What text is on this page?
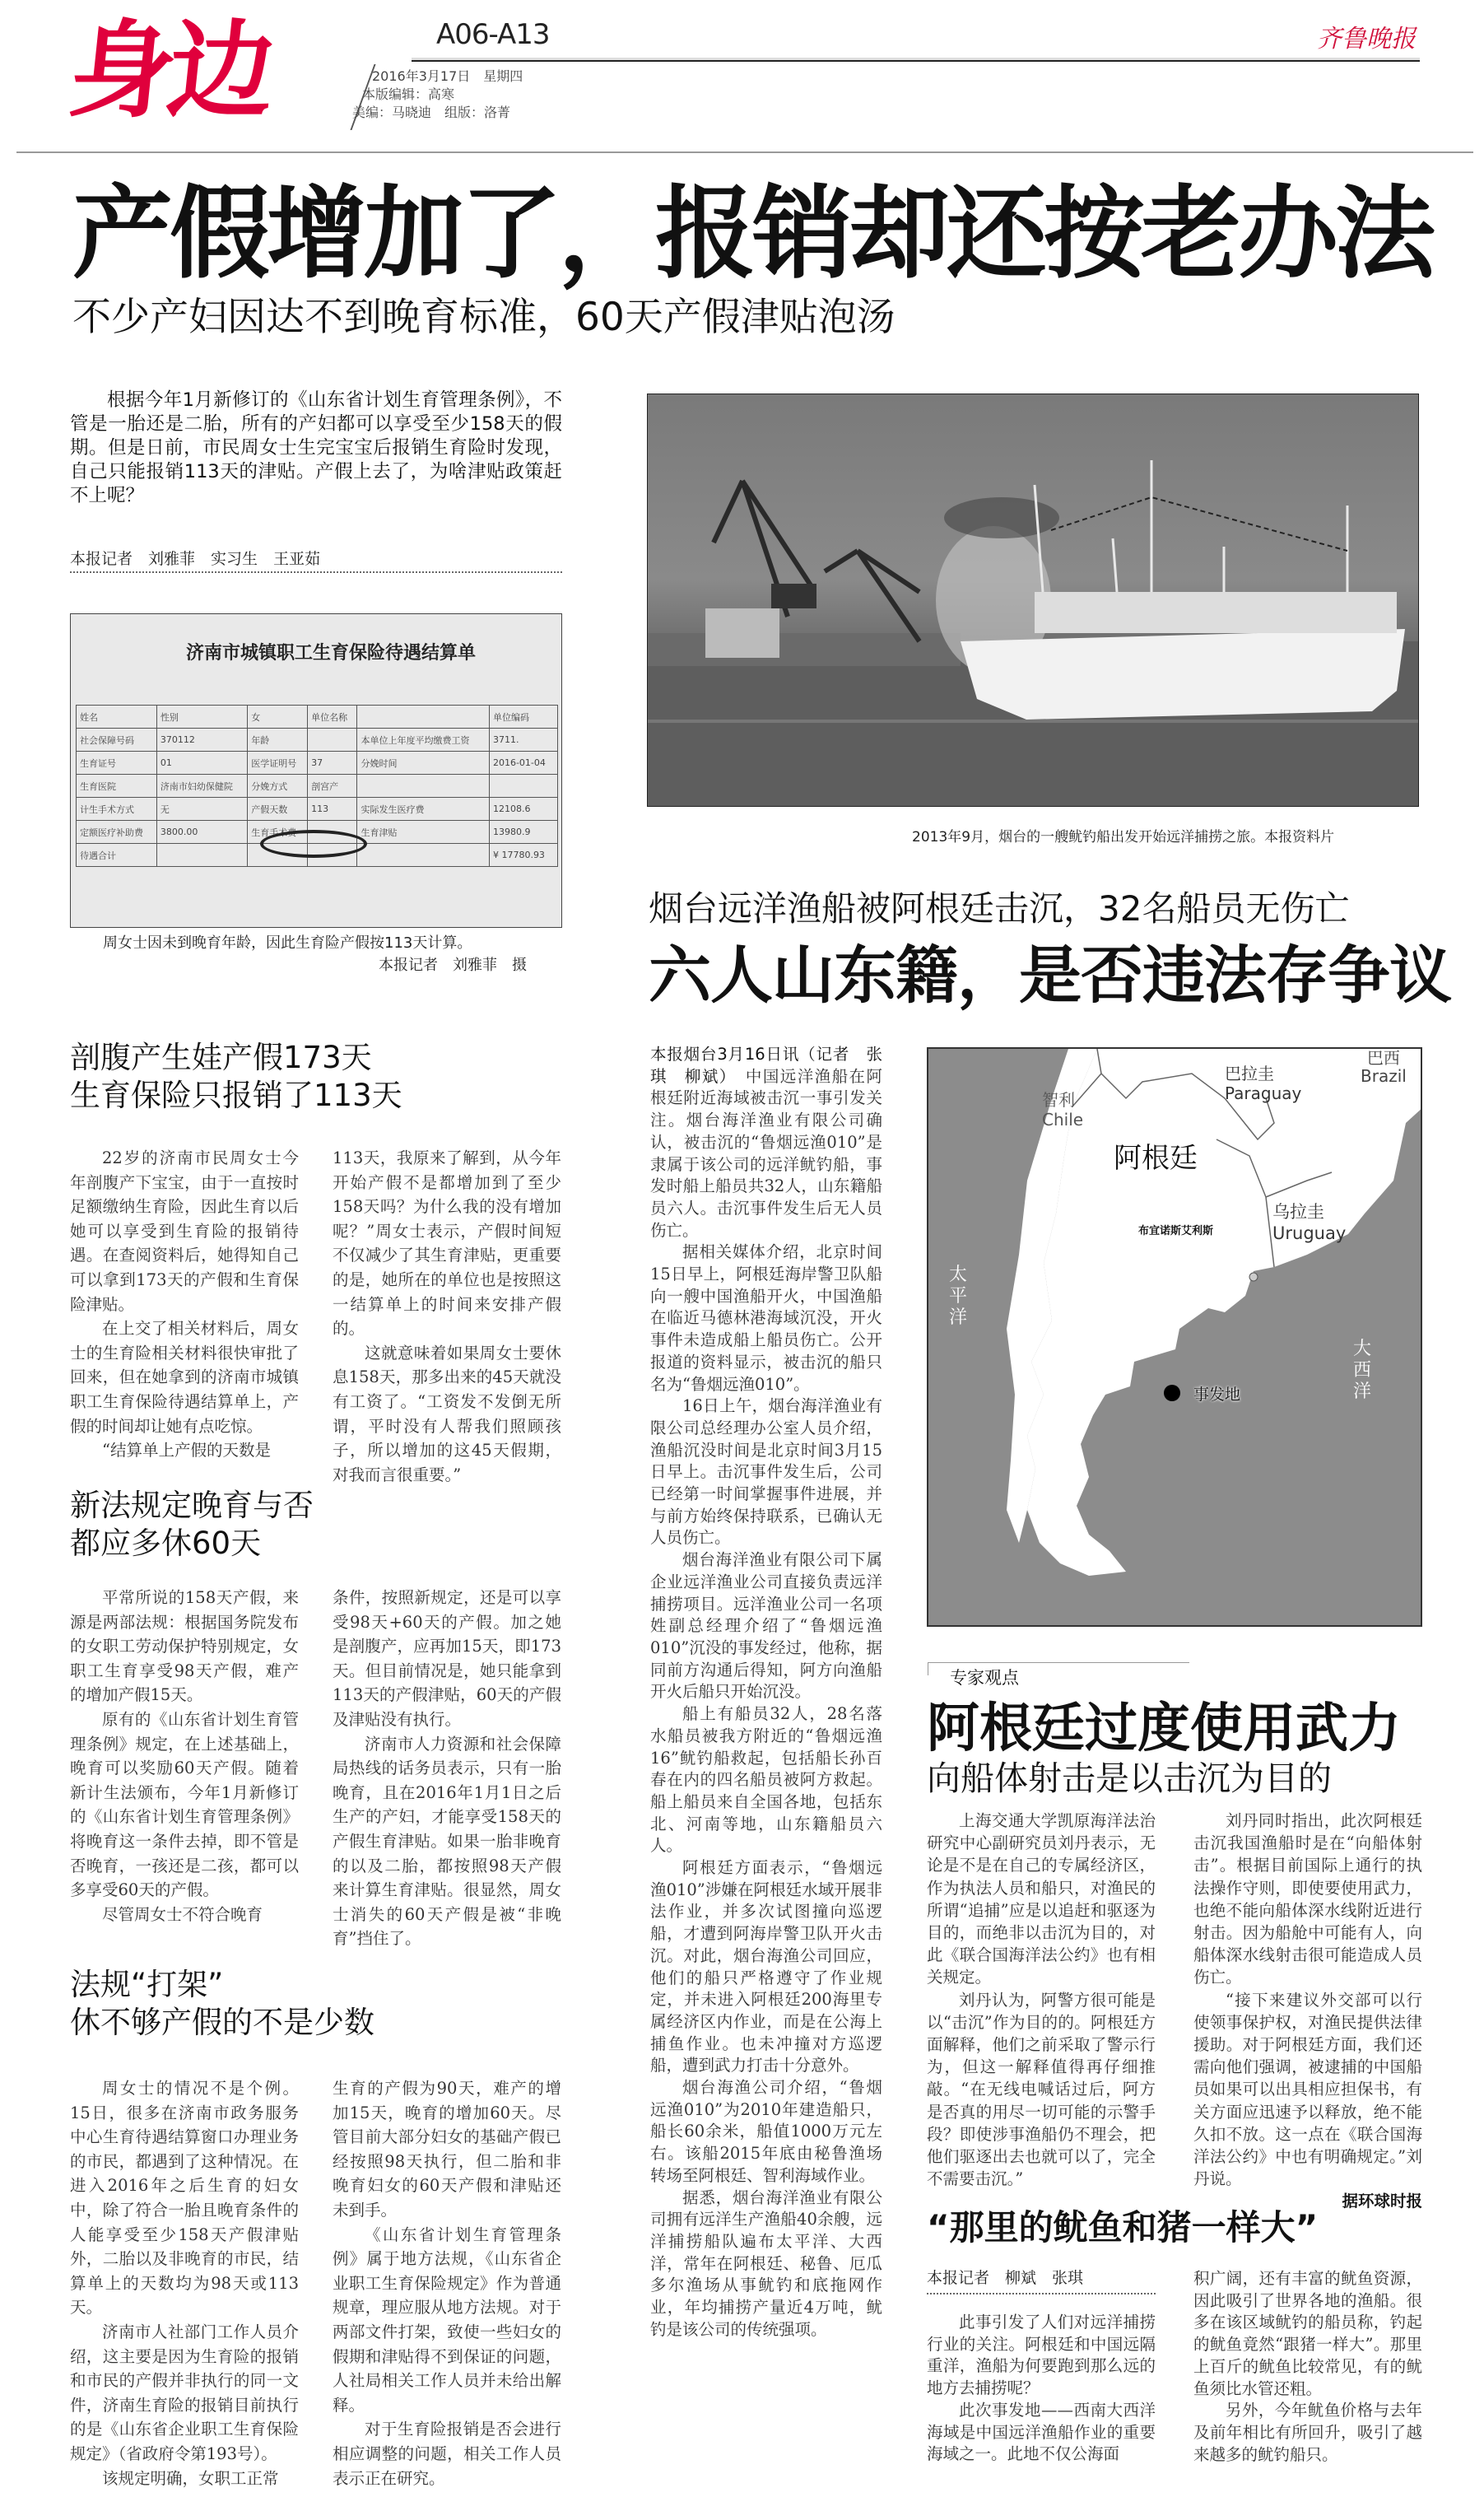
身边	A06-A13
2016年3月17日　星期四
本版编辑：高寒
美编：马晓迪　组版：洛菁
齐鲁晚报
产假增加了，报销却还按老办法
不少产妇因达不到晚育标准，60天产假津贴泡汤
根据今年1月新修订的《山东省计划生育管理条例》，不管是一胎还是二胎，所有的产妇都可以享受至少158天的假期。但是日前，市民周女士生完宝宝后报销生育险时发现，自己只能报销113天的津贴。产假上去了，为啥津贴政策赶不上呢？
本报记者　刘雅菲　实习生　王亚茹
济南市城镇职工生育保险待遇结算单
姓名	性别	女	单位名称		单位编码
社会保障号码	370112	年龄		本单位上年度平均缴费工资	3711.
生育证号	01	医学证明号	37	分娩时间	2016-01-04
生育医院	济南市妇幼保健院	分娩方式	剖宫产		
计生手术方式	无	产假天数	113	实际发生医疗费	12108.6
定额医疗补助费	3800.00	生育手术费		生育津贴	13980.9
待遇合计					¥ 17780.93
周女士因未到晚育年龄，因此生育险产假按113天计算。
本报记者　刘雅菲　摄
剖腹产生娃产假173天
生育保险只报销了113天

22岁的济南市民周女士今年剖腹产下宝宝，由于一直按时足额缴纳生育险，因此生育以后她可以享受到生育险的报销待遇。在查阅资料后，她得知自己可以拿到173天的产假和生育保险津贴。

在上交了相关材料后，周女士的生育险相关材料很快审批了回来，但在她拿到的济南市城镇职工生育保险待遇结算单上，产假的时间却让她有点吃惊。

“结算单上产假的天数是

113天，我原来了解到，从今年开始产假不是都增加到了至少158天吗？为什么我的没有增加呢？”周女士表示，产假时间短不仅减少了其生育津贴，更重要的是，她所在的单位也是按照这一结算单上的时间来安排产假的。

这就意味着如果周女士要休息158天，那多出来的45天就没有工资了。“工资发不发倒无所谓，平时没有人帮我们照顾孩子，所以增加的这45天假期，对我而言很重要。”

新法规定晚育与否
都应多休60天

平常所说的158天产假，来源是两部法规：根据国务院发布的女职工劳动保护特别规定，女职工生育享受98天产假，难产的增加产假15天。

原有的《山东省计划生育管理条例》规定，在上述基础上，晚育可以奖励60天产假。随着新计生法颁布，今年1月新修订的《山东省计划生育管理条例》将晚育这一条件去掉，即不管是否晚育，一孩还是二孩，都可以多享受60天的产假。

尽管周女士不符合晚育

条件，按照新规定，还是可以享受98天+60天的产假。加之她是剖腹产，应再加15天，即173天。但目前情况是，她只能拿到113天的产假津贴，60天的产假及津贴没有执行。

济南市人力资源和社会保障局热线的话务员表示，只有一胎晚育，且在2016年1月1日之后生产的产妇，才能享受158天的产假生育津贴。如果一胎非晚育的以及二胎，都按照98天产假来计算生育津贴。很显然，周女士消失的60天产假是被“非晚育”挡住了。

法规“打架”
休不够产假的不是少数

周女士的情况不是个例。15日，很多在济南市政务服务中心生育待遇结算窗口办理业务的市民，都遇到了这种情况。在进入2016年之后生育的妇女中，除了符合一胎且晚育条件的人能享受至少158天产假津贴外，二胎以及非晚育的市民，结算单上的天数均为98天或113天。

济南市人社部门工作人员介绍，这主要是因为生育险的报销和市民的产假并非执行的同一文件，济南生育险的报销目前执行的是《山东省企业职工生育保险规定》（省政府令第193号）。

该规定明确，女职工正常

生育的产假为90天，难产的增加15天，晚育的增加60天。尽管目前大部分妇女的基础产假已经按照98天执行，但二胎和非晚育妇女的60天产假和津贴还未到手。

《山东省计划生育管理条例》属于地方法规，《山东省企业职工生育保险规定》作为普通规章，理应服从地方法规。对于两部文件打架，致使一些妇女的假期和津贴得不到保证的问题，人社局相关工作人员并未给出解释。

对于生育险报销是否会进行相应调整的问题，相关工作人员表示正在研究。

2013年9月，烟台的一艘鱿钓船出发开始远洋捕捞之旅。本报资料片
烟台远洋渔船被阿根廷击沉，32名船员无伤亡
六人山东籍，是否违法存争议

本报烟台3月16日讯（记者　张琪　柳斌）　 中国远洋渔船在阿根廷附近海域被击沉一事引发关注。烟台海洋渔业有限公司确认，被击沉的“鲁烟远渔010”是隶属于该公司的远洋鱿钓船，事发时船上船员共32人，山东籍船员六人。击沉事件发生后无人员伤亡。

据相关媒体介绍，北京时间15日早上，阿根廷海岸警卫队船向一艘中国渔船开火，中国渔船在临近马德林港海域沉没，开火事件未造成船上船员伤亡。公开报道的资料显示，被击沉的船只名为“鲁烟远渔010”。

16日上午，烟台海洋渔业有限公司总经理办公室人员介绍，渔船沉没时间是北京时间3月15日早上。击沉事件发生后，公司已经第一时间掌握事件进展，并与前方始终保持联系，已确认无人员伤亡。

烟台海洋渔业有限公司下属企业远洋渔业公司直接负责远洋捕捞项目。远洋渔业公司一名项姓副总经理介绍了“鲁烟远渔010”沉没的事发经过，他称，据同前方沟通后得知，阿方向渔船开火后船只开始沉没。

船上有船员32人，28名落水船员被我方附近的“鲁烟远渔16”鱿钓船救起，包括船长孙百春在内的四名船员被阿方救起。船上船员来自全国各地，包括东北、河南等地，山东籍船员六人。

阿根廷方面表示，“鲁烟远渔010”涉嫌在阿根廷水域开展非法作业，并多次试图撞向巡逻船，才遭到阿海岸警卫队开火击沉。对此，烟台海渔公司回应，他们的船只严格遵守了作业规定，并未进入阿根廷200海里专属经济区内作业，而是在公海上捕鱼作业。也未冲撞对方巡逻船，遭到武力打击十分意外。

烟台海渔公司介绍，“鲁烟远渔010”为2010年建造船只，船长60余米，船值1000万元左右。该船2015年底由秘鲁渔场转场至阿根廷、智利海域作业。

据悉，烟台海洋渔业有限公司拥有远洋生产渔船40余艘，远洋捕捞船队遍布太平洋、大西洋，常年在阿根廷、秘鲁、厄瓜多尔渔场从事鱿钓和底拖网作业，年均捕捞产量近4万吨，鱿钓是该公司的传统强项。

巴西
Brazil
巴拉圭
Paraguay
智利
Chile
阿根廷
乌拉圭
Uruguay
布宜诺斯艾利斯
太平洋
大西洋
事发地
专家观点
阿根廷过度使用武力
向船体射击是以击沉为目的

上海交通大学凯原海洋法治研究中心副研究员刘丹表示，无论是不是在自己的专属经济区，作为执法人员和船只，对渔民的所谓“追捕”应是以追赶和驱逐为目的，而绝非以击沉为目的，对此《联合国海洋法公约》也有相关规定。

刘丹认为，阿警方很可能是以“击沉”作为目的的。阿根廷方面解释，他们之前采取了警示行为，但这一解释值得再仔细推敲。“在无线电喊话过后，阿方是否真的用尽一切可能的示警手段？即使涉事渔船仍不理会，把他们驱逐出去也就可以了，完全不需要击沉。”

刘丹同时指出，此次阿根廷击沉我国渔船时是在“向船体射击”。根据目前国际上通行的执法操作守则，即使要使用武力，也绝不能向船体深水线附近进行射击。因为船舱中可能有人，向船体深水线射击很可能造成人员伤亡。

“接下来建议外交部可以行使领事保护权，对渔民提供法律援助。对于阿根廷方面，我们还需向他们强调，被逮捕的中国船员如果可以出具相应担保书，有关方面应迅速予以释放，绝不能久扣不放。这一点在《联合国海洋法公约》中也有明确规定。”刘丹说。

据环球时报
“那里的鱿鱼和猪一样大”
本报记者　柳斌　张琪

此事引发了人们对远洋捕捞行业的关注。阿根廷和中国远隔重洋，渔船为何要跑到那么远的地方去捕捞呢？

此次事发地——西南大西洋海域是中国远洋渔船作业的重要海域之一。此地不仅公海面

积广阔，还有丰富的鱿鱼资源，因此吸引了世界各地的渔船。很多在该区域鱿钓的船员称，钓起的鱿鱼竟然“跟猪一样大”。那里上百斤的鱿鱼比较常见，有的鱿鱼须比水管还粗。

另外，今年鱿鱼价格与去年及前年相比有所回升，吸引了越来越多的鱿钓船只。
